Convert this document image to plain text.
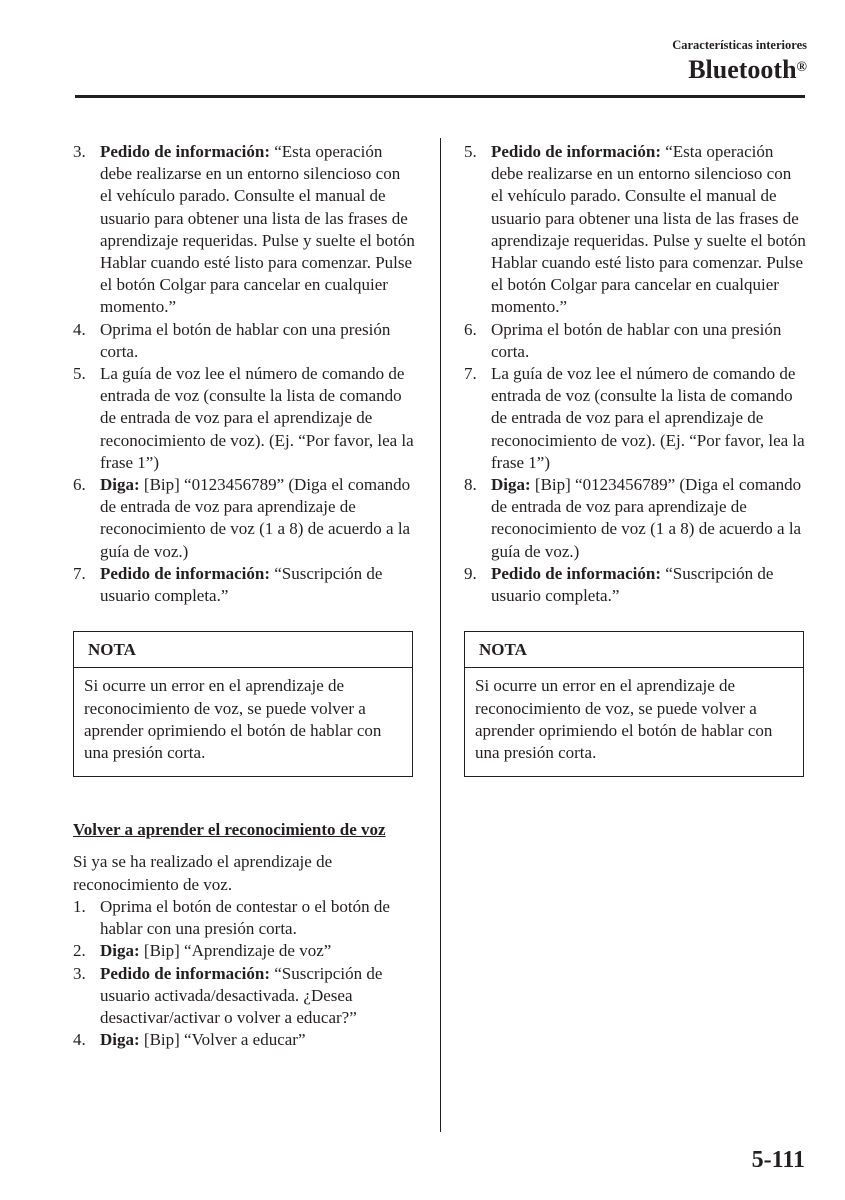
Características interiores
Bluetooth®
3. Pedido de información: “Esta operación debe realizarse en un entorno silencioso con el vehículo parado. Consulte el manual de usuario para obtener una lista de las frases de aprendizaje requeridas. Pulse y suelte el botón Hablar cuando esté listo para comenzar. Pulse el botón Colgar para cancelar en cualquier momento.”
4. Oprima el botón de hablar con una presión corta.
5. La guía de voz lee el número de comando de entrada de voz (consulte la lista de comando de entrada de voz para el aprendizaje de reconocimiento de voz). (Ej. “Por favor, lea la frase 1”)
6. Diga: [Bip] “0123456789” (Diga el comando de entrada de voz para aprendizaje de reconocimiento de voz (1 a 8) de acuerdo a la guía de voz.)
7. Pedido de información: “Suscripción de usuario completa.”
NOTA
Si ocurre un error en el aprendizaje de reconocimiento de voz, se puede volver a aprender oprimiendo el botón de hablar con una presión corta.
Volver a aprender el reconocimiento de voz
Si ya se ha realizado el aprendizaje de reconocimiento de voz.
1. Oprima el botón de contestar o el botón de hablar con una presión corta.
2. Diga: [Bip] “Aprendizaje de voz”
3. Pedido de información: “Suscripción de usuario activada/desactivada. ¿Desea desactivar/activar o volver a educar?”
4. Diga: [Bip] “Volver a educar”
5. Pedido de información: “Esta operación debe realizarse en un entorno silencioso con el vehículo parado. Consulte el manual de usuario para obtener una lista de las frases de aprendizaje requeridas. Pulse y suelte el botón Hablar cuando esté listo para comenzar. Pulse el botón Colgar para cancelar en cualquier momento.”
6. Oprima el botón de hablar con una presión corta.
7. La guía de voz lee el número de comando de entrada de voz (consulte la lista de comando de entrada de voz para el aprendizaje de reconocimiento de voz). (Ej. “Por favor, lea la frase 1”)
8. Diga: [Bip] “0123456789” (Diga el comando de entrada de voz para aprendizaje de reconocimiento de voz (1 a 8) de acuerdo a la guía de voz.)
9. Pedido de información: “Suscripción de usuario completa.”
NOTA
Si ocurre un error en el aprendizaje de reconocimiento de voz, se puede volver a aprender oprimiendo el botón de hablar con una presión corta.
5-111
